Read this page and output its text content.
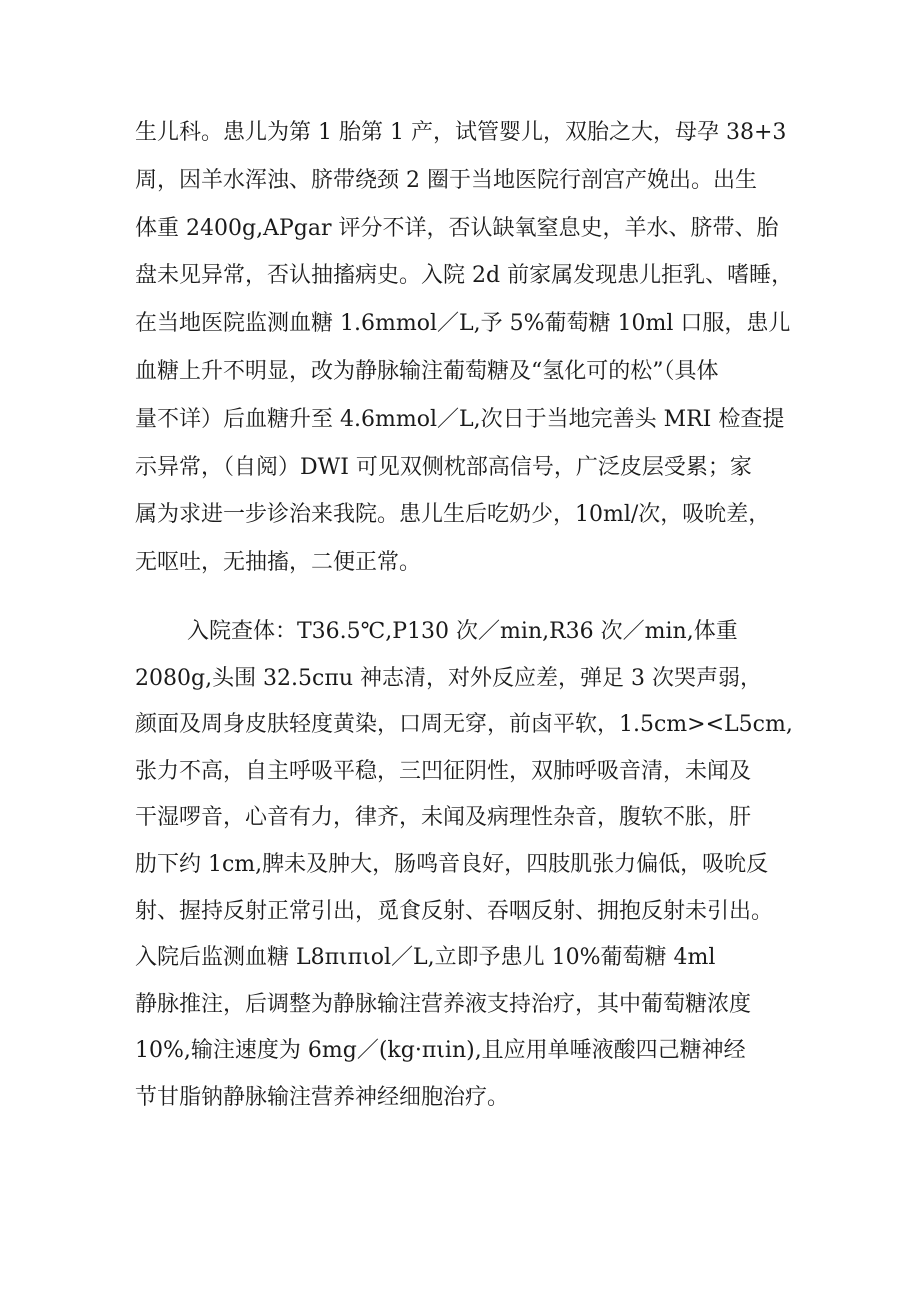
生儿科。患儿为第 1 胎第 1 产，试管婴儿，双胎之大，母孕 38+3
周，因羊水浑浊、脐带绕颈 2 圈于当地医院行剖宫产娩出。出生
体重 2400g,APgar 评分不详，否认缺氧窒息史，羊水、脐带、胎
盘未见异常，否认抽搐病史。入院 2d 前家属发现患儿拒乳、嗜睡，
在当地医院监测血糖 1.6mmol／L,予 5%葡萄糖 10ml 口服，患儿
血糖上升不明显，改为静脉输注葡萄糖及“氢化可的松”（具体
量不详）后血糖升至 4.6mmol／L,次日于当地完善头 MRI 检查提
示异常，（自阅）DWI 可见双侧枕部高信号，广泛皮层受累；家
属为求进一步诊治来我院。患儿生后吃奶少，10ml/次，吸吮差，
无呕吐，无抽搐，二便正常。
入院查体：T36.5℃,P130 次／min,R36 次／min,体重
2080g,头围 32.5cπu 神志清，对外反应差，弹足 3 次哭声弱，
颜面及周身皮肤轻度黄染，口周无穿，前卤平软，1.5cm><L5cm,
张力不高，自主呼吸平稳，三凹征阴性，双肺呼吸音清，未闻及
干湿啰音，心音有力，律齐，未闻及病理性杂音，腹软不胀，肝
肋下约 1cm,脾未及肿大，肠鸣音良好，四肢肌张力偏低，吸吮反
射、握持反射正常引出，觅食反射、吞咽反射、拥抱反射未引出。
入院后监测血糖 L8πιπιol／L,立即予患儿 10%葡萄糖 4ml
静脉推注，后调整为静脉输注营养液支持治疗，其中葡萄糖浓度
10%,输注速度为 6mg／(kg·πιin),且应用单唾液酸四己糖神经
节甘脂钠静脉输注营养神经细胞治疗。
